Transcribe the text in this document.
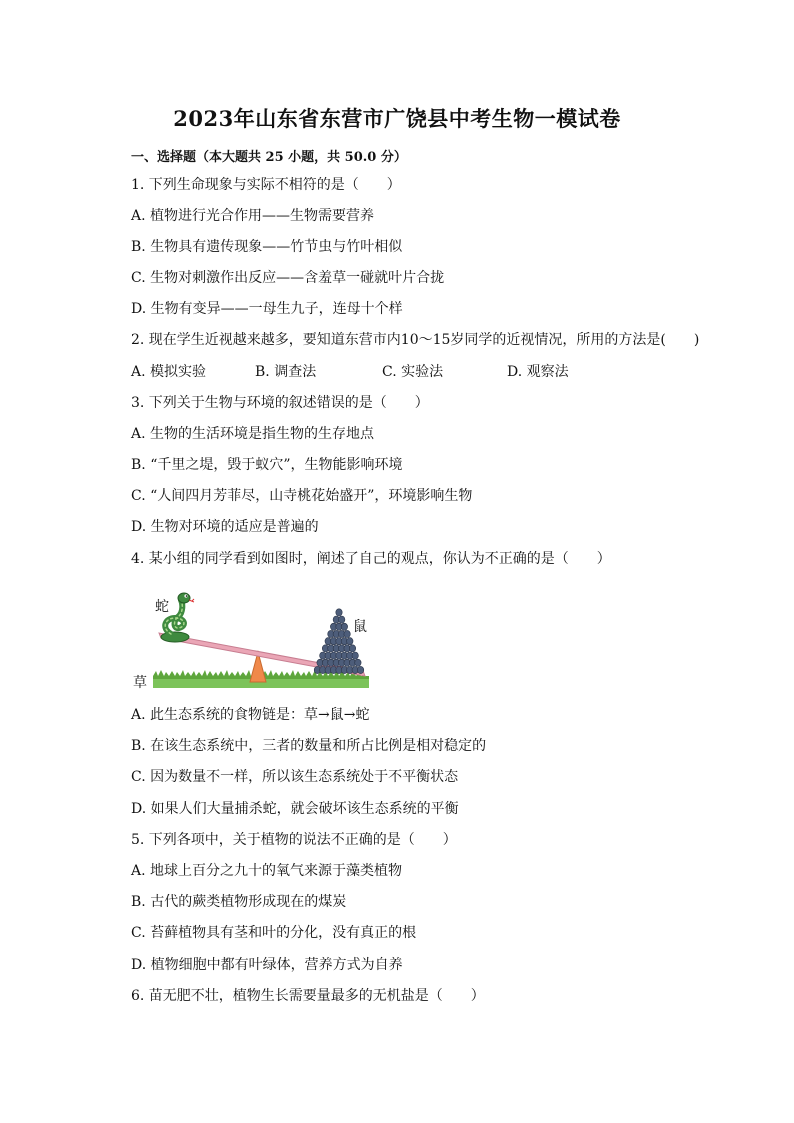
2023年山东省东营市广饶县中考生物一模试卷
一、选择题（本大题共 25 小题，共 50.0 分）
1. 下列生命现象与实际不相符的是（　　）
A. 植物进行光合作用——生物需要营养
B. 生物具有遗传现象——竹节虫与竹叶相似
C. 生物对刺激作出反应——含羞草一碰就叶片合拢
D. 生物有变异——一母生九子，连母十个样
2. 现在学生近视越来越多，要知道东营市内10～15岁同学的近视情况，所用的方法是(　　)
A. 模拟实验	B. 调查法	C. 实验法	D. 观察法
3. 下列关于生物与环境的叙述错误的是（　　）
A. 生物的生活环境是指生物的生存地点
B. “千里之堤，毁于蚁穴”，生物能影响环境
C. “人间四月芳菲尽，山寺桃花始盛开”，环境影响生物
D. 生物对环境的适应是普遍的
4. 某小组的同学看到如图时，阐述了自己的观点，你认为不正确的是（　　）
蛇
鼠
草
A. 此生态系统的食物链是：草→鼠→蛇
B. 在该生态系统中，三者的数量和所占比例是相对稳定的
C. 因为数量不一样，所以该生态系统处于不平衡状态
D. 如果人们大量捕杀蛇，就会破坏该生态系统的平衡
5. 下列各项中，关于植物的说法不正确的是（　　）
A. 地球上百分之九十的氧气来源于藻类植物
B. 古代的蕨类植物形成现在的煤炭
C. 苔藓植物具有茎和叶的分化，没有真正的根
D. 植物细胞中都有叶绿体，营养方式为自养
6. 苗无肥不壮，植物生长需要量最多的无机盐是（　　）
